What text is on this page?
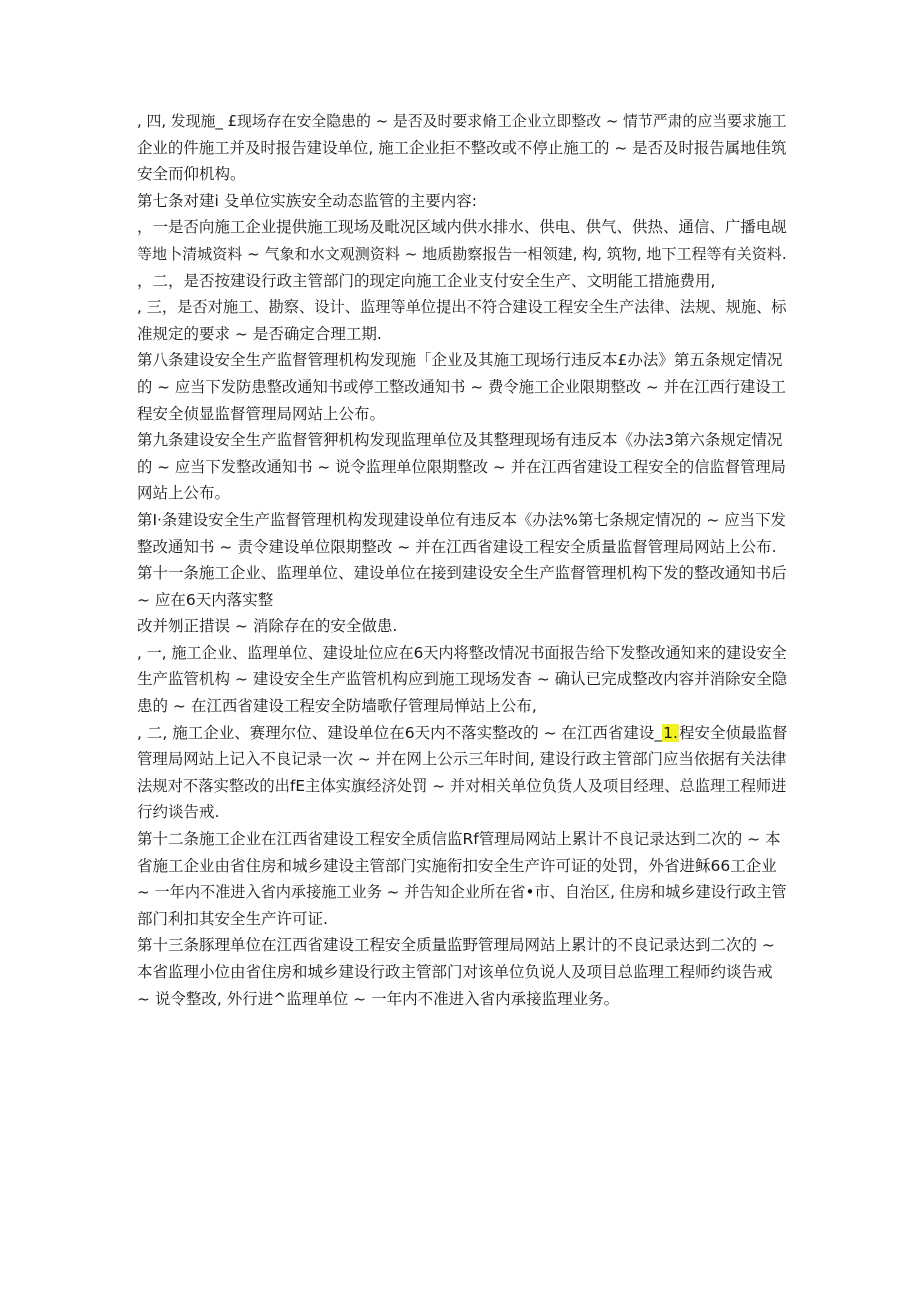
, 四, 发现施_ £现场存在安全隐患的 ~ 是否及时要求脩工企业立即整改 ~ 情节严肃的应当要求施工
企业的件施工并及时报告建设单位, 施工企业拒不整改或不停止施工的 ~ 是否及时报告属地佳筑
安全而仰机构。
第七条对建i 殳单位实族安全动态监管的主要内容:
，一是否向施工企业提供施工现场及毗况区域内供水排水、供电、供气、供热、通信、广播电觇
等地卜清城资料 ~ 气象和水文观测资料 ~ 地质勘察报告一相领建, 构, 筑物, 地下工程等有关资料.
，二，是否按建设行政主管部门的现定向施工企业支付安全生产、文明能工措施费用,
, 三，是否对施工、勘察、设计、监理等单位提出不符合建设工程安全生产法律、法规、规施、标
准规定的要求 ~ 是否确定合理工期.
第八条建设安全生产监督管理机构发现施「企业及其施工现场行违反本£办法》第五条规定情况
的 ~ 应当下发防患整改通知书或停工整改通知书 ~ 费令施工企业限期整改 ~ 并在江西行建设工
程安全侦显监督管理局网站上公布。
第九条建设安全生产监督管狎机构发现监理单位及其整理现场有违反本《办法3第六条规定情况
的 ~ 应当下发整改通知书 ~ 说令监理单位限期整改 ~ 并在江西省建设工程安全的信监督管理局
网站上公布。
第I·条建设安全生产监督管理机构发现建设单位有违反本《办法%第七条规定情况的 ~ 应当下发
整改通知书 ~ 责令建设单位限期整改 ~ 并在江西省建设工程安全质量监督管理局网站上公布.
第十一条施工企业、监理单位、建设单位在接到建设安全生产监督管理机构下发的整改通知书后
~ 应在6天内落实整
改并刎正措误 ~ 消除存在的安全做患.
, 一, 施工企业、监理单位、建设址位应在6天内将整改情况书面报告给下发整改通知来的建设安全
生产监管机构 ~ 建设安全生产监管机构应到施工现场发杳 ~ 确认已完成整改内容并消除安全隐
患的 ~ 在江西省建设工程安全防墙歌仔管理局惮站上公布,
, 二, 施工企业、赛理尔位、建设单位在6天内不落实整改的 ~ 在江西省建设_1.程安全侦最监督
管理局网站上记入不良记录一次 ~ 并在网上公示三年时间, 建设行政主管部门应当依据有关法律
法规对不落实整改的出fE主体实旗经济处罚 ~ 并对相关单位负货人及项目经理、总监理工程师进
行约谈告戒.
第十二条施工企业在江西省建设工程安全质信监Rf管理局网站上累计不良记录达到二次的 ~ 本
省施工企业由省住房和城乡建设主管部门实施衔扣安全生产许可证的处罚，外省进稣66工企业
~ 一年内不准进入省内承接施工业务 ~ 并告知企业所在省•市、自治区, 住房和城乡建设行政主管
部门利扣其安全生产许可证.
第十三条豚理单位在江西省建设工程安全质量监野管理局网站上累计的不良记录达到二次的 ~
本省监理小位由省住房和城乡建设行政主管部门对该单位负说人及项目总监理工程师约谈告戒
~ 说令整改, 外行进^监理单位 ~ 一年内不准进入省内承接监理业务。
